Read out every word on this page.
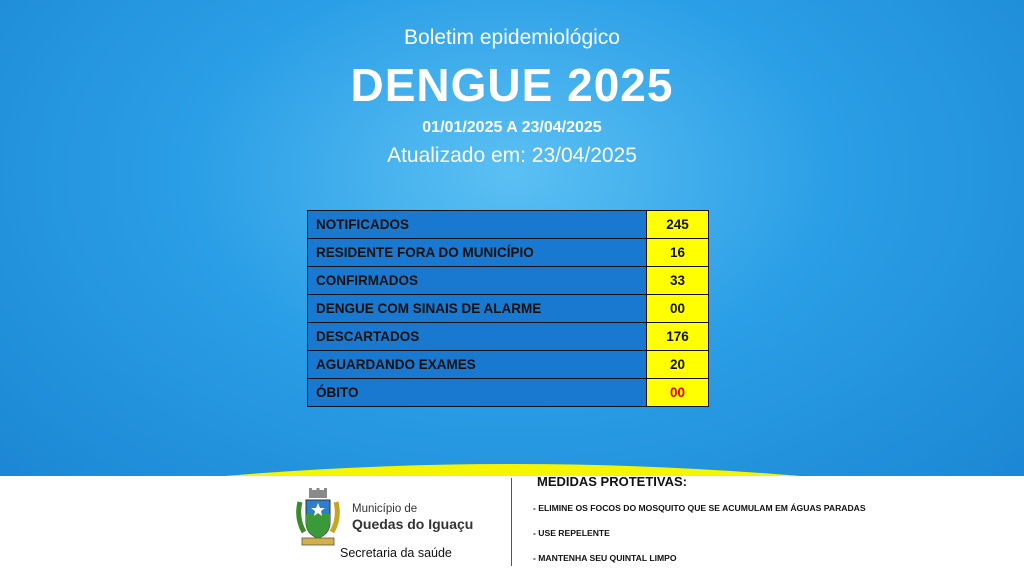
Boletim epidemiológico
DENGUE 2025
01/01/2025 A 23/04/2025
Atualizado em: 23/04/2025
NOTIFICADOS	245
RESIDENTE FORA DO MUNICÍPIO	16
CONFIRMADOS	33
DENGUE COM SINAIS DE ALARME	00
DESCARTADOS	176
AGUARDANDO EXAMES	20
ÓBITO	00
Município de
Quedas do Iguaçu
Secretaria da saúde
MEDIDAS PROTETIVAS:
- ELIMINE OS FOCOS DO MOSQUITO QUE SE ACUMULAM EM ÁGUAS PARADAS
- USE REPELENTE
- MANTENHA SEU QUINTAL LIMPO
